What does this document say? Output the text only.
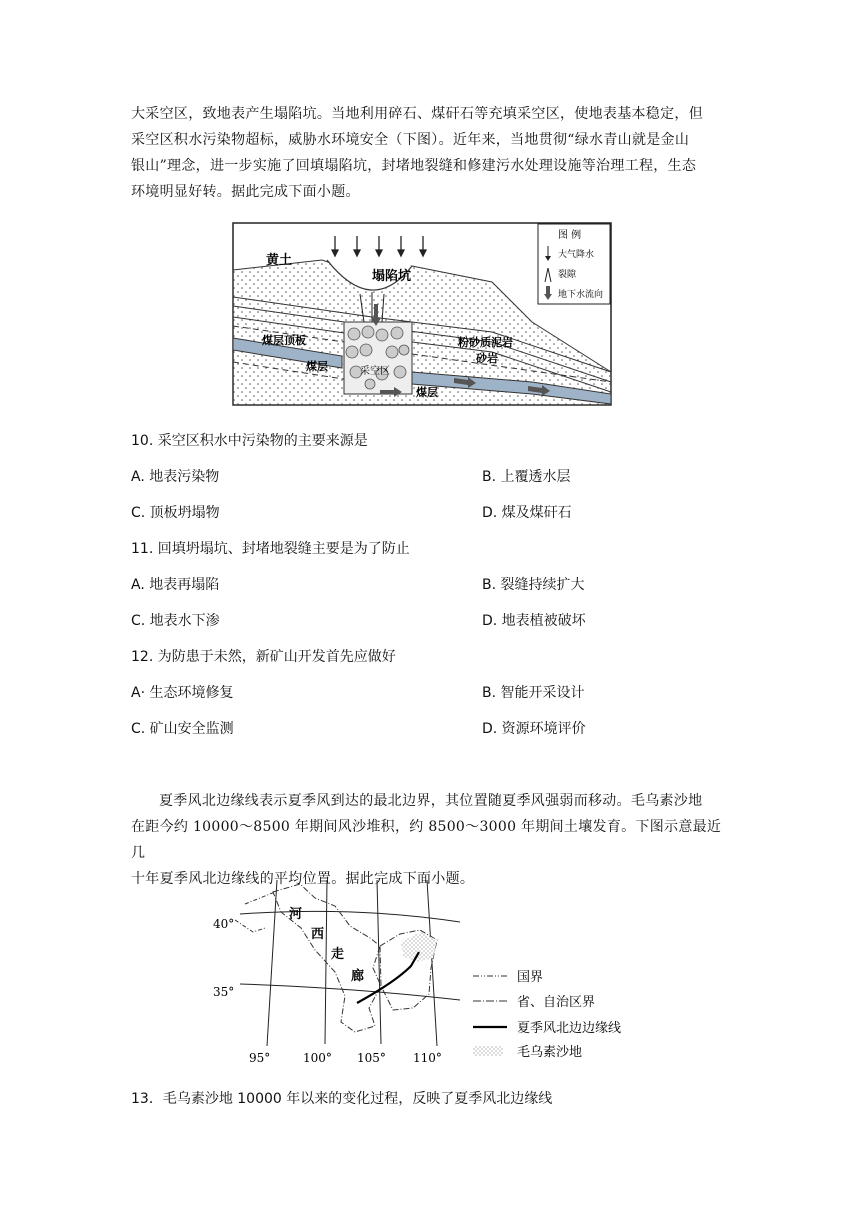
大采空区，致地表产生塌陷坑。当地利用碎石、煤矸石等充填采空区，使地表基本稳定，但
采空区积水污染物超标，威胁水环境安全（下图）。近年来，当地贯彻“绿水青山就是金山
银山”理念，进一步实施了回填塌陷坑，封堵地裂缝和修建污水处理设施等治理工程，生态
环境明显好转。据此完成下面小题。
黄土
塌陷坑
煤层顶板
煤层	采空区
粉砂质泥岩
砂岩
煤层
图 例
大气降水
裂隙
地下水流向
10. 采空区积水中污染物的主要来源是
A. 地表污染物	B. 上覆透水层
C. 顶板坍塌物	D. 煤及煤矸石
11. 回填坍塌坑、封堵地裂缝主要是为了防止
A. 地表再塌陷	B. 裂缝持续扩大
C. 地表水下渗	D. 地表植被破坏
12. 为防患于未然，新矿山开发首先应做好
A· 生态环境修复	B. 智能开采设计
C. 矿山安全监测	D. 资源环境评价
夏季风北边缘线表示夏季风到达的最北边界，其位置随夏季风强弱而移动。毛乌素沙地
在距今约 10000～8500 年期间风沙堆积，约 8500～3000 年期间土壤发育。下图示意最近几
十年夏季风北边缘线的平均位置。据此完成下面小题。
40°
35°
95°	100° 105° 110°
河
西
走
廊	国界
省、自治区界
夏季风北边边缘线
毛乌素沙地
13．毛乌素沙地 10000 年以来的变化过程，反映了夏季风北边缘线
